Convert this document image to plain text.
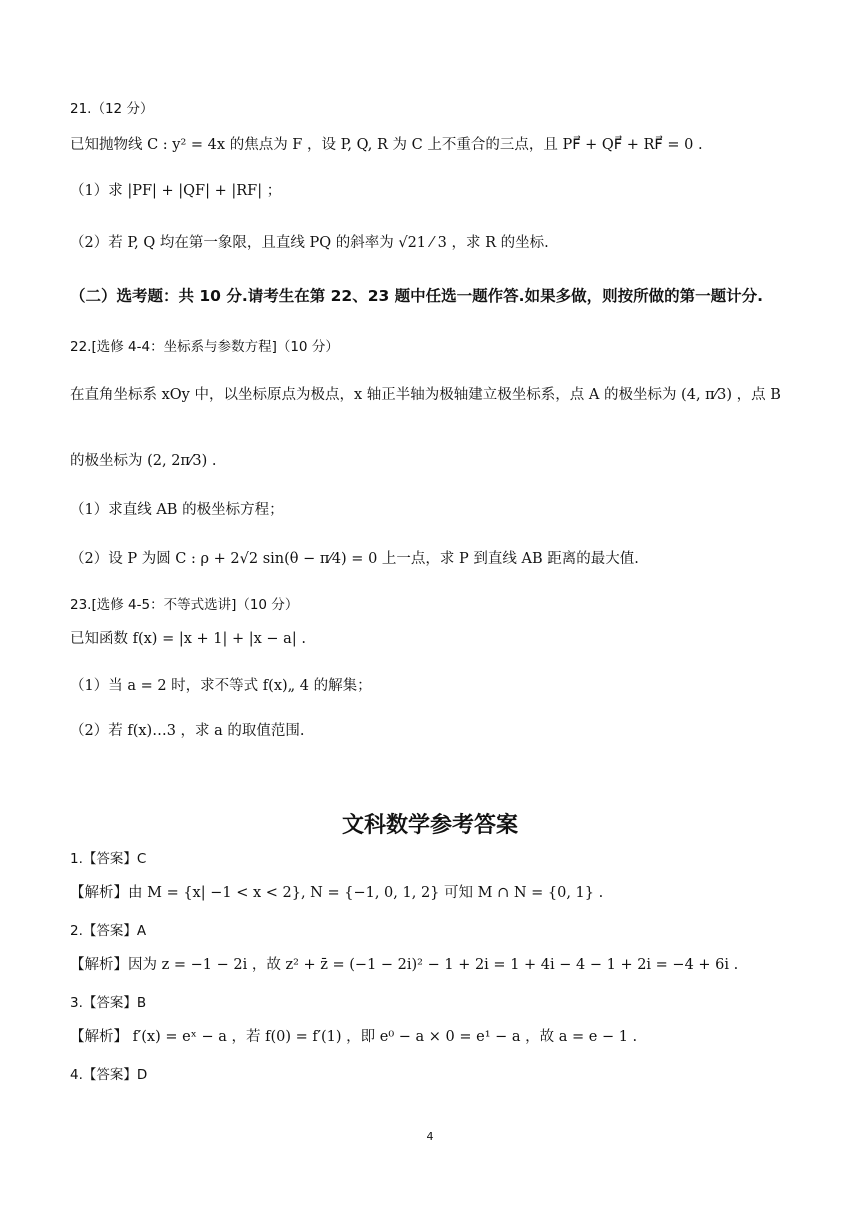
21.（12 分）
已知抛物线 C : y² = 4x 的焦点为 F ，设 P, Q, R 为 C 上不重合的三点，且 PF⃗ + QF⃗ + RF⃗ = 0 .
（1）求 |PF| + |QF| + |RF| ；
（2）若 P, Q 均在第一象限，且直线 PQ 的斜率为 √21 ⁄ 3 ，求 R 的坐标.
（二）选考题：共 10 分.请考生在第 22、23 题中任选一题作答.如果多做，则按所做的第一题计分.
22.[选修 4-4：坐标系与参数方程]（10 分）
在直角坐标系 xOy 中，以坐标原点为极点，x 轴正半轴为极轴建立极坐标系，点 A 的极坐标为 (4, π⁄3) ，点 B
的极坐标为 (2, 2π⁄3) .
（1）求直线 AB 的极坐标方程；
（2）设 P 为圆 C : ρ + 2√2 sin(θ − π⁄4) = 0 上一点，求 P 到直线 AB 距离的最大值.
23.[选修 4-5：不等式选讲]（10 分）
已知函数 f(x) = |x + 1| + |x − a| .
（1）当 a = 2 时，求不等式 f(x)„ 4 的解集；
（2）若 f(x)…3 ，求 a 的取值范围.
文科数学参考答案
1.【答案】C
【解析】由 M = {x| −1 < x < 2}, N = {−1, 0, 1, 2} 可知 M ∩ N = {0, 1} .
2.【答案】A
【解析】因为 z = −1 − 2i ，故 z² + z̄ = (−1 − 2i)² − 1 + 2i = 1 + 4i − 4 − 1 + 2i = −4 + 6i .
3.【答案】B
【解析】 f′(x) = eˣ − a ，若 f(0) = f′(1) ，即 e⁰ − a × 0 = e¹ − a ，故 a = e − 1 .
4.【答案】D
4
